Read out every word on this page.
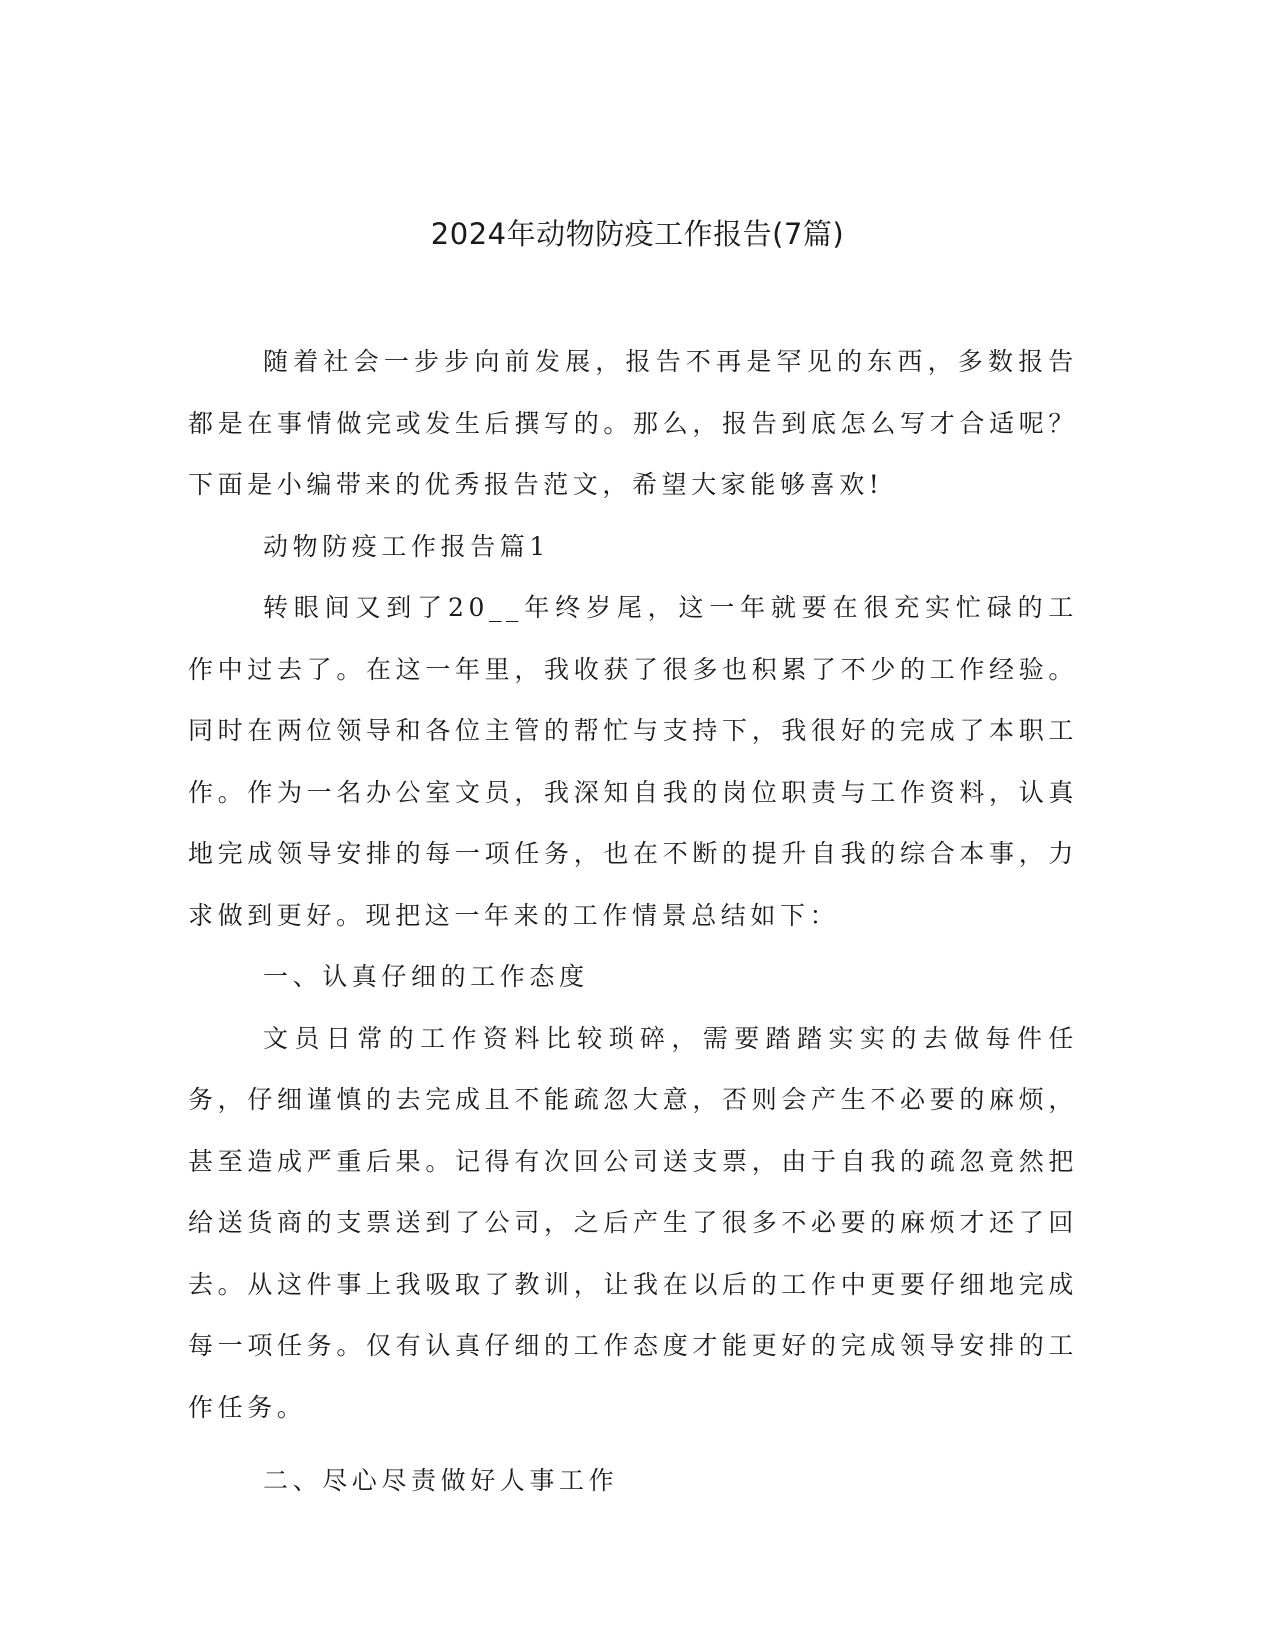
2024年动物防疫工作报告(7篇)

随着社会一步步向前发展，报告不再是罕见的东西，多数报告都是在事情做完或发生后撰写的。那么，报告到底怎么写才合适呢？下面是小编带来的优秀报告范文，希望大家能够喜欢!

动物防疫工作报告篇1

转眼间又到了20__年终岁尾，这一年就要在很充实忙碌的工作中过去了。在这一年里，我收获了很多也积累了不少的工作经验。同时在两位领导和各位主管的帮忙与支持下，我很好的完成了本职工作。作为一名办公室文员，我深知自我的岗位职责与工作资料，认真地完成领导安排的每一项任务，也在不断的提升自我的综合本事，力求做到更好。现把这一年来的工作情景总结如下：

一、认真仔细的工作态度

文员日常的工作资料比较琐碎，需要踏踏实实的去做每件任务，仔细谨慎的去完成且不能疏忽大意，否则会产生不必要的麻烦，甚至造成严重后果。记得有次回公司送支票，由于自我的疏忽竟然把给送货商的支票送到了公司，之后产生了很多不必要的麻烦才还了回去。从这件事上我吸取了教训，让我在以后的工作中更要仔细地完成每一项任务。仅有认真仔细的工作态度才能更好的完成领导安排的工作任务。

二、尽心尽责做好人事工作
